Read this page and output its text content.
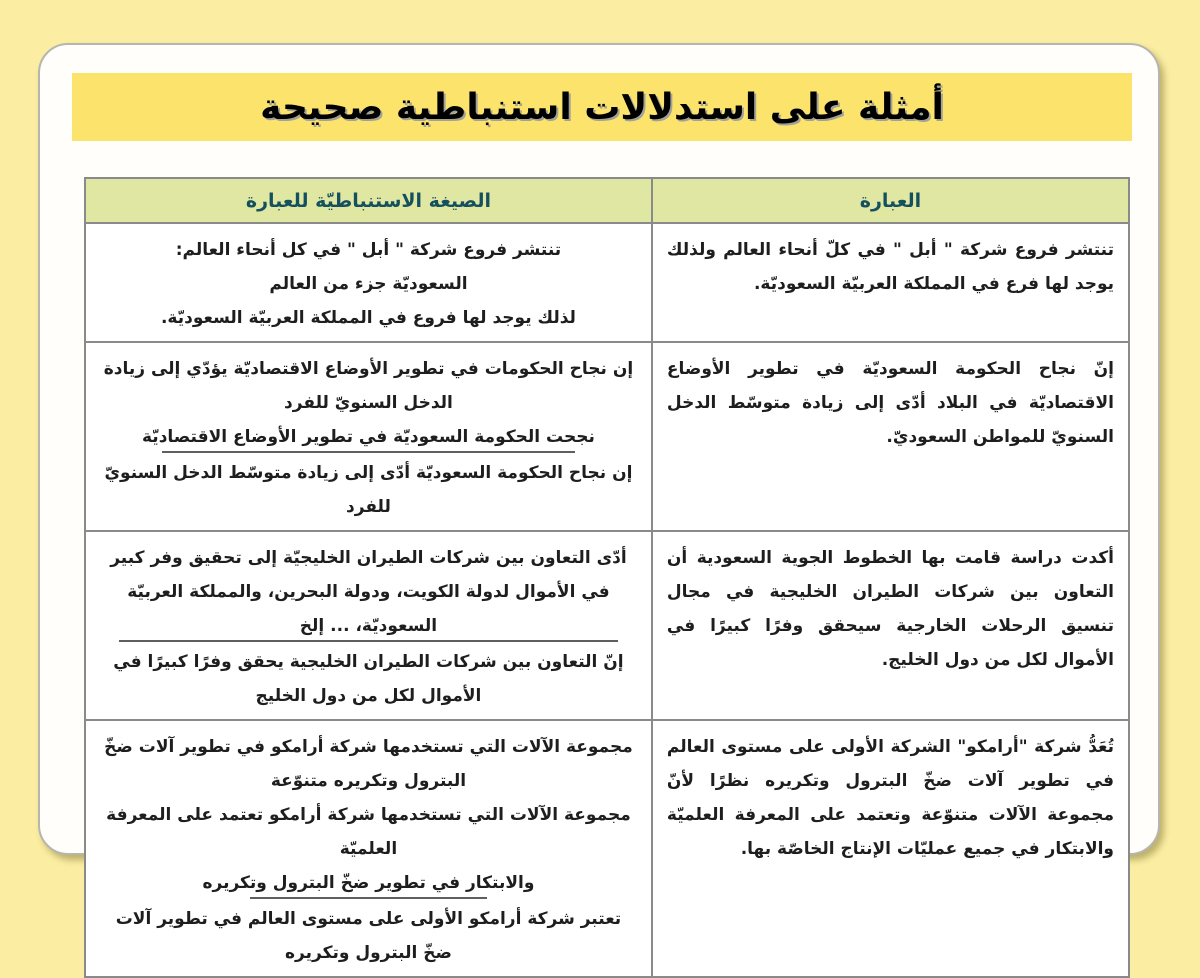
أمثلة على استدلالات استنباطية صحيحة
العبارة	الصيغة الاستنباطيّة للعبارة
تنتشر فروع شركة " أبل " في كلّ أنحاء العالم ولذلك يوجد لها فرع في المملكة العربيّة السعوديّة.	تنتشر فروع شركة " أبل " في كل أنحاء العالم:
السعوديّة جزء من العالم
لذلك يوجد لها فروع في المملكة العربيّة السعوديّة.

إنّ نجاح الحكومة السعوديّة في تطوير الأوضاع الاقتصاديّة في البلاد أدّى إلى زيادة متوسّط الدخل السنويّ للمواطن السعوديّ.	إن نجاح الحكومات في تطوير الأوضاع الاقتصاديّة يؤدّي إلى زيادة الدخل السنويّ للفرد
نجحت الحكومة السعوديّة في تطوير الأوضاع الاقتصاديّة
إن نجاح الحكومة السعوديّة أدّى إلى زيادة متوسّط الدخل السنويّ للفرد

أكدت دراسة قامت بها الخطوط الجوية السعودية أن التعاون بين شركات الطيران الخليجية في مجال تنسيق الرحلات الخارجية سيحقق وفرًا كبيرًا في الأموال لكل من دول الخليج.	أدّى التعاون بين شركات الطيران الخليجيّة إلى تحقيق وفر كبير في الأموال لدولة الكويت، ودولة البحرين، والمملكة العربيّة السعوديّة، ... إلخ
إنّ التعاون بين شركات الطيران الخليجية يحقق وفرًا كبيرًا في الأموال لكل من دول الخليج

تُعَدُّ شركة "أرامكو" الشركة الأولى على مستوى العالم في تطوير آلات ضخّ البترول وتكريره نظرًا لأنّ مجموعة الآلات متنوّعة وتعتمد على المعرفة العلميّة والابتكار في جميع عمليّات الإنتاج الخاصّة بها.	مجموعة الآلات التي تستخدمها شركة أرامكو في تطوير آلات ضخّ البترول وتكريره متنوّعة
مجموعة الآلات التي تستخدمها شركة أرامكو تعتمد على المعرفة العلميّة
والابتكار في تطوير ضخّ البترول وتكريره
تعتبر شركة أرامكو الأولى على مستوى العالم في تطوير آلات ضخّ البترول وتكريره
